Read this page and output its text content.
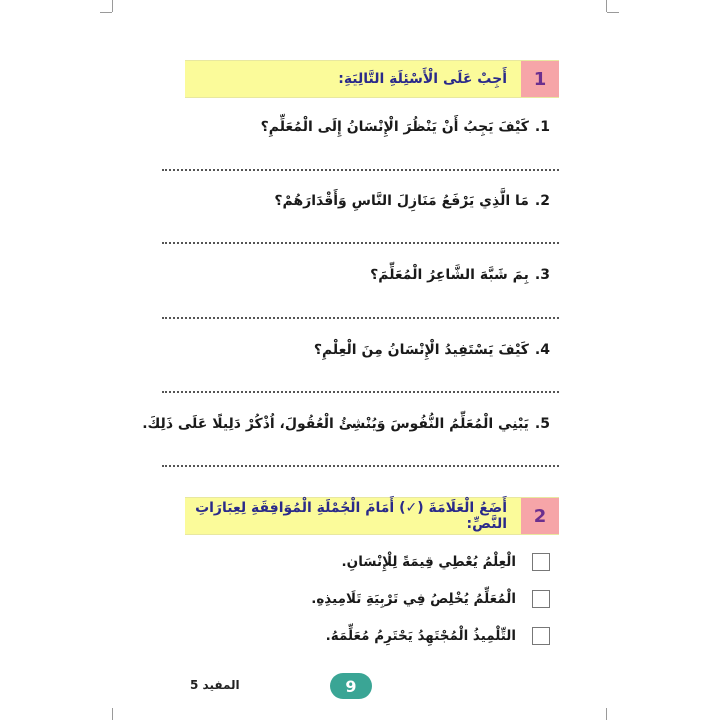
1
أَجِبْ عَلَى الْأَسْئِلَةِ التَّالِيَةِ:
1.كَيْفَ يَجِبُ أَنْ يَنْظُرَ الْإِنْسَانُ إِلَى الْمُعَلِّمِ؟
2.مَا الَّذِي يَرْفَعُ مَنَازِلَ النَّاسِ وَأَقْدَارَهُمْ؟
3.بِمَ شَبَّهَ الشَّاعِرُ الْمُعَلِّمَ؟
4.كَيْفَ يَسْتَفِيدُ الْإِنْسَانُ مِنَ الْعِلْمِ؟
5.يَبْنِي الْمُعَلِّمُ النُّفُوسَ وَيُنْشِئُ الْعُقُولَ، اُذْكُرْ دَلِيلًا عَلَى ذَلِكَ.
2
أَضَعُ الْعَلَامَةَ (✓) أَمَامَ الْجُمْلَةِ الْمُوَافِقَةِ لِعِبَارَاتِ النَّصِّ:
الْعِلْمُ يُعْطِي قِيمَةً لِلْإِنْسَانِ.
الْمُعَلِّمُ يُخْلِصُ فِي تَرْبِيَةِ تَلَامِيذِهِ.
التِّلْمِيذُ الْمُجْتَهِدُ يَحْتَرِمُ مُعَلِّمَهُ.
المفيد 5	9
